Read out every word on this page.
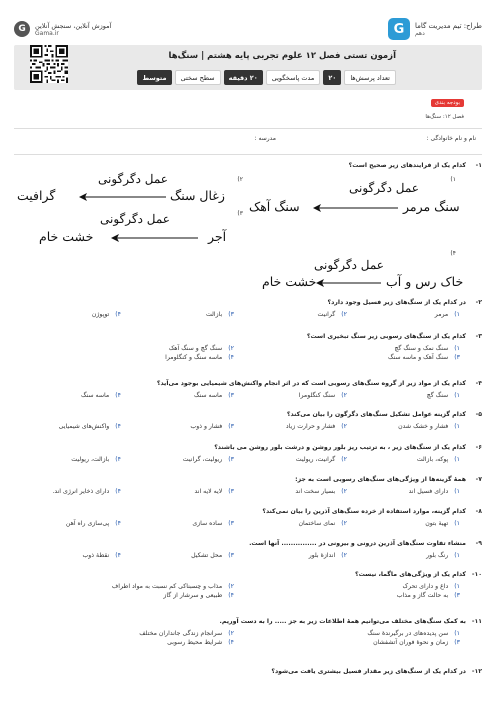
طراح: تیم مدیریت گاما
دهم
G
آموزش آنلاین، سنجش آنلاین
Gama.ir
G
آزمون تستی فصل ۱۲ علوم تجربی پایه هشتم | سنگ‌ها
تعداد پرسش‌ها
۲۰
مدت پاسخگویی
۲۰ دقیقه
سطح سختی
متوسط
بودجه بندی
فصل ۱۲: سنگ‌ها
نام و نام خانوادگی :
مدرسه :
۱-
کدام یک از فرایندهای زیر صحیح است؟
۱)
۲)
۳)
۴)
عمل دگرگونی
سنگ مرمر
سنگ آهک
عمل دگرگونی
زغال سنگ
گرافیت
عمل دگرگونی
آجر
خشت خام
عمل دگرگونی
خاک رس و آب
خشت خام
۲-
در کدام یک از سنگ‌های زیر فسیل وجود دارد؟
۱)
مرمر
۲)
گرانیت
۳)
بازالت
۴)
توپوژن
۳-
کدام یک از سنگ‌های رسوبی زیر سنگ تبخیری است؟
۱)
سنگ نمک و سنگ گچ
۲)
سنگ گچ و سنگ آهک
۳)
سنگ آهک و ماسه سنگ
۴)
ماسه سنگ و کنگلومرا
۴-
کدام یک از مواد زیر از گروه سنگ‌های رسوبی است که در اثر انجام واکنش‌های شیمیایی بوجود می‌آید؟
۱)
سنگ گچ
۲)
سنگ کنگلومرا
۳)
ماسه سنگ
۴)
ماسه سنگ
۵-
کدام گزینه عوامل تشکیل سنگ‌های دگرگون را بیان می‌کند؟
۱)
فشار و خشک شدن
۲)
فشار و حرارت زیاد
۳)
فشار و ذوب
۴)
واکنش‌های شیمیایی
۶-
کدام یک از سنگ‌های زیر ، به ترتیب ریز بلور روشن و درشت بلور روشن می باشند؟
۱)
پوکه، بازالت
۲)
گرانیت، ریولیت
۳)
ریولیت، گرانیت
۴)
بازالت، ریولیت
۷-
همهٔ گزینه‌ها از ویژگی‌های سنگ‌های رسوبی است به جز:
۱)
دارای فسیل اند
۲)
بسیار سخت اند
۳)
لایه لایه اند
۴)
دارای ذخایر انرژی اند.
۸-
کدام گزینه، موارد استفاده از خرده سنگ‌های آذرین را بیان نمی‌کند؟
۱)
تهیهٔ بتون
۲)
نمای ساختمان
۳)
ساده سازی
۴)
پی‌سازی راه آهن
۹-
منشاء تفاوت سنگ‌های آذرین درونی و بیرونی در ............... آنها است.
۱)
رنگ بلور
۲)
اندازهٔ بلور
۳)
محل تشکیل
۴)
نقطهٔ ذوب
۱۰-
کدام یک از ویژگی‌های ماگما، نیست؟
۱)
داغ و دارای تحرک
۲)
مذاب و چسبناکی کم نسبت به مواد اطراف
۳)
به حالت گاز و مذاب
۴)
طبیعی و سرشار از گاز
۱۱-
به کمک سنگ‌های مختلف می‌توانیم همهٔ اطلاعات زیر به جز ..... را به دست آوریم.
۱)
سن پدیده‌های در برگیرندهٔ سنگ
۲)
سرانجام زندگی جانداران مختلف
۳)
زمان و نحوهٔ فوران آتشفشان
۴)
شرایط محیط رسوبی
۱۲-
در کدام یک از سنگ‌های زیر مقدار فسیل بیشتری یافت می‌شود؟
